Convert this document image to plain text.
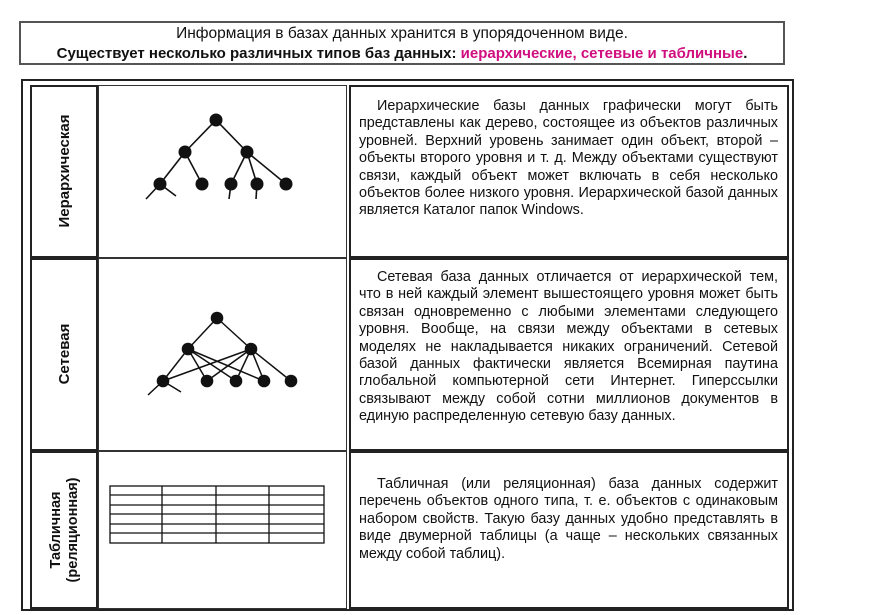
Информация в базах данных хранится в упорядоченном виде.
Существует несколько различных типов баз данных: иерархические, сетевые и табличные.
Иерархическая
Иерархические базы данных графически могут быть представлены как дерево, состоящее из объектов различных уровней. Верхний уровень занимает один объект, второй – объекты второго уровня и т. д. Между объектами существуют связи, каждый объект может включать в себя несколько объектов более низкого уровня. Иерархической базой данных является Каталог папок Windows.
Сетевая
Сетевая база данных отличается от иерархической тем, что в ней каждый элемент вышестоящего уровня может быть связан одновременно с любыми элементами следующего уровня. Вообще, на связи между объектами в сетевых моделях не накладывается никаких ограничений. Сетевой базой данных фактически является Всемирная паутина глобальной компьютерной сети Интернет. Гиперссылки связывают между собой сотни миллионов документов в единую распределенную сетевую базу данных.
Табличная (реляционная)	Табличная (или реляционная) база данных содержит перечень объектов одного типа, т. е. объектов с одинаковым набором свойств. Такую базу данных удобно представлять в виде двумерной таблицы (а чаще – нескольких связанных между собой таблиц).
